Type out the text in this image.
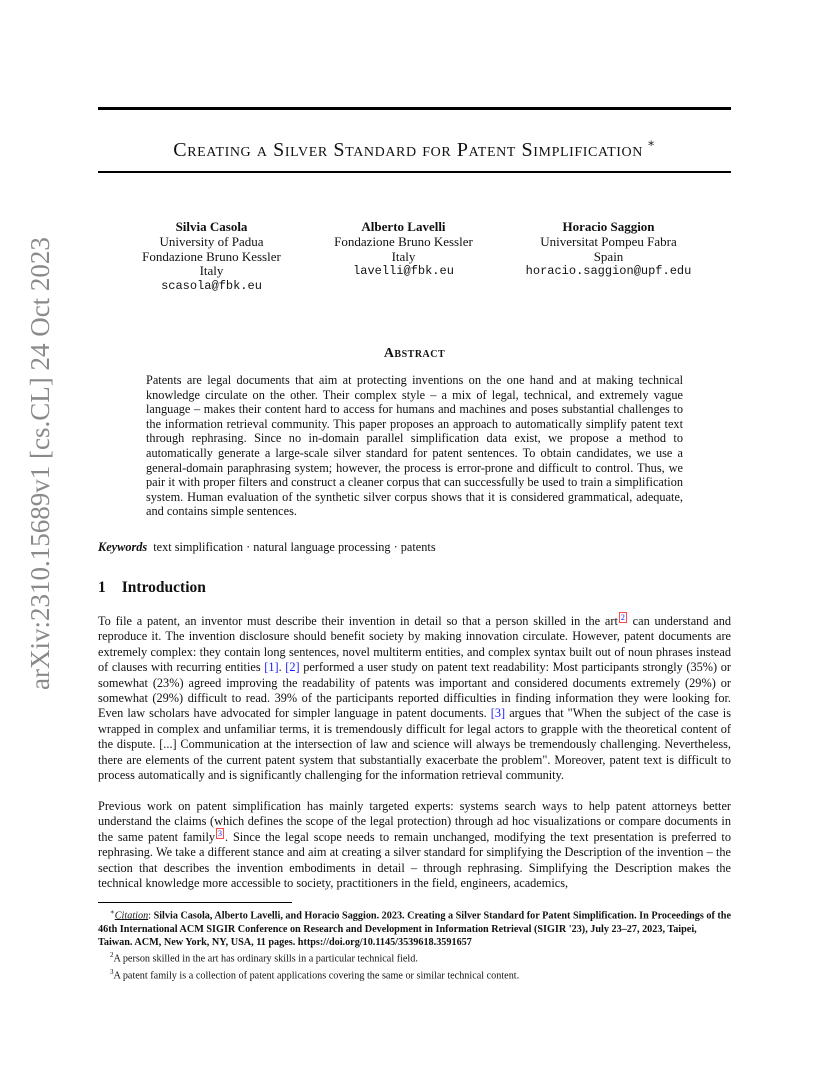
arXiv:2310.15689v1 [cs.CL] 24 Oct 2023
Creating a Silver Standard for Patent Simplification ∗
Silvia Casola
University of Padua
Fondazione Bruno Kessler
Italy
scasola@fbk.eu
Alberto Lavelli
Fondazione Bruno Kessler
Italy
lavelli@fbk.eu
Horacio Saggion
Universitat Pompeu Fabra
Spain
horacio.saggion@upf.edu
Abstract
Patents are legal documents that aim at protecting inventions on the one hand and at making technical knowledge circulate on the other. Their complex style – a mix of legal, technical, and extremely vague language – makes their content hard to access for humans and machines and poses substantial challenges to the information retrieval community. This paper proposes an approach to automatically simplify patent text through rephrasing. Since no in-domain parallel simplification data exist, we propose a method to automatically generate a large-scale silver standard for patent sentences. To obtain candidates, we use a general-domain paraphrasing system; however, the process is error-prone and difficult to control. Thus, we pair it with proper filters and construct a cleaner corpus that can successfully be used to train a simplification system. Human evaluation of the synthetic silver corpus shows that it is considered grammatical, adequate, and contains simple sentences.
Keywords text simplification · natural language processing · patents
1 Introduction
To file a patent, an inventor must describe their invention in detail so that a person skilled in the art $^2$ can understand and reproduce it. The invention disclosure should benefit society by making innovation circulate. However, patent documents are extremely complex: they contain long sentences, novel multiterm entities, and complex syntax built out of noun phrases instead of clauses with recurring entities [1]. [2] performed a user study on patent text readability: Most participants strongly (35%) or somewhat (23%) agreed improving the readability of patents was important and considered documents extremely (29%) or somewhat (29%) difficult to read. 39% of the participants reported difficulties in finding information they were looking for. Even law scholars have advocated for simpler language in patent documents. [3] argues that "When the subject of the case is wrapped in complex and unfamiliar terms, it is tremendously difficult for legal actors to grapple with the theoretical content of the dispute. [...] Communication at the intersection of law and science will always be tremendously challenging. Nevertheless, there are elements of the current patent system that substantially exacerbate the problem". Moreover, patent text is difficult to process automatically and is significantly challenging for the information retrieval community.
Previous work on patent simplification has mainly targeted experts: systems search ways to help patent attorneys better understand the claims (which defines the scope of the legal protection) through ad hoc visualizations or compare documents in the same patent family $^3$ . Since the legal scope needs to remain unchanged, modifying the text presentation is preferred to rephrasing. We take a different stance and aim at creating a silver standard for simplifying the Description of the invention – the section that describes the invention embodiments in detail – through rephrasing. Simplifying the Description makes the technical knowledge more accessible to society, practitioners in the field, engineers, academics,
∗Citation: Silvia Casola, Alberto Lavelli, and Horacio Saggion. 2023. Creating a Silver Standard for Patent Simplification. In Proceedings of the 46th International ACM SIGIR Conference on Research and Development in Information Retrieval (SIGIR '23), July 23–27, 2023, Taipei, Taiwan. ACM, New York, NY, USA, 11 pages. https://doi.org/10.1145/3539618.3591657
$^2$A person skilled in the art has ordinary skills in a particular technical field.
$^3$A patent family is a collection of patent applications covering the same or similar technical content.
